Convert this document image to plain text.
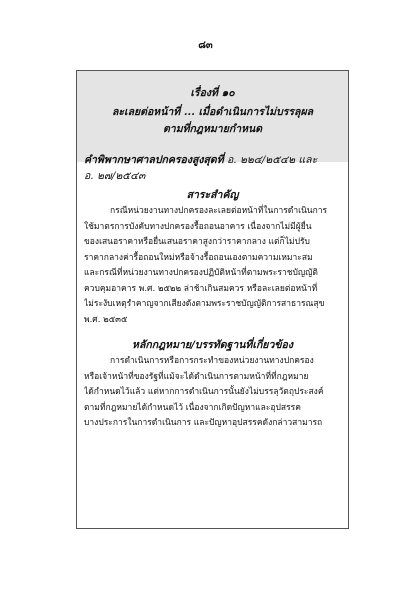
๘๓
เรื่องที่ ๑๐
ละเลยต่อหน้าที่ ... เมื่อดำเนินการไม่บรรลุผล
ตามที่กฎหมายกำหนด
คำพิพากษาศาลปกครองสูงสุดที่ อ. ๒๒๔/๒๕๔๒ และ
อ. ๒๗/๒๕๔๓
สาระสำคัญ
กรณีหน่วยงานทางปกครองละเลยต่อหน้าที่ในการดำเนินการ
ใช้มาตรการบังคับทางปกครองรื้อถอนอาคาร เนื่องจากไม่มีผู้ยื่น
ของเสนอราคาหรือยื่นเสนอราคาสูงกว่าราคากลาง แต่ก็ไม่ปรับ
ราคากลางค่ารื้อถอนใหม่หรือจ้างรื้อถอนเองตามความเหมาะสม
และกรณีที่หน่วยงานทางปกครองปฏิบัติหน้าที่ตามพระราชบัญญัติ
ควบคุมอาคาร พ.ศ. ๒๕๒๒ ล่าช้าเกินสมควร หรือละเลยต่อหน้าที่
ไม่ระงับเหตุรำคาญจากเสียงดังตามพระราชบัญญัติการสาธารณสุข
พ.ศ. ๒๕๓๕
หลักกฎหมาย/บรรทัดฐานที่เกี่ยวข้อง
การดำเนินการหรือการกระทำของหน่วยงานทางปกครอง
หรือเจ้าหน้าที่ของรัฐที่แม้จะได้ดำเนินการตามหน้าที่ที่กฎหมาย
ได้กำหนดไว้แล้ว แต่หากการดำเนินการนั้นยังไม่บรรลุวัตถุประสงค์
ตามที่กฎหมายได้กำหนดไว้ เนื่องจากเกิดปัญหาและอุปสรรค
บางประการในการดำเนินการ และปัญหาอุปสรรคดังกล่าวสามารถ
